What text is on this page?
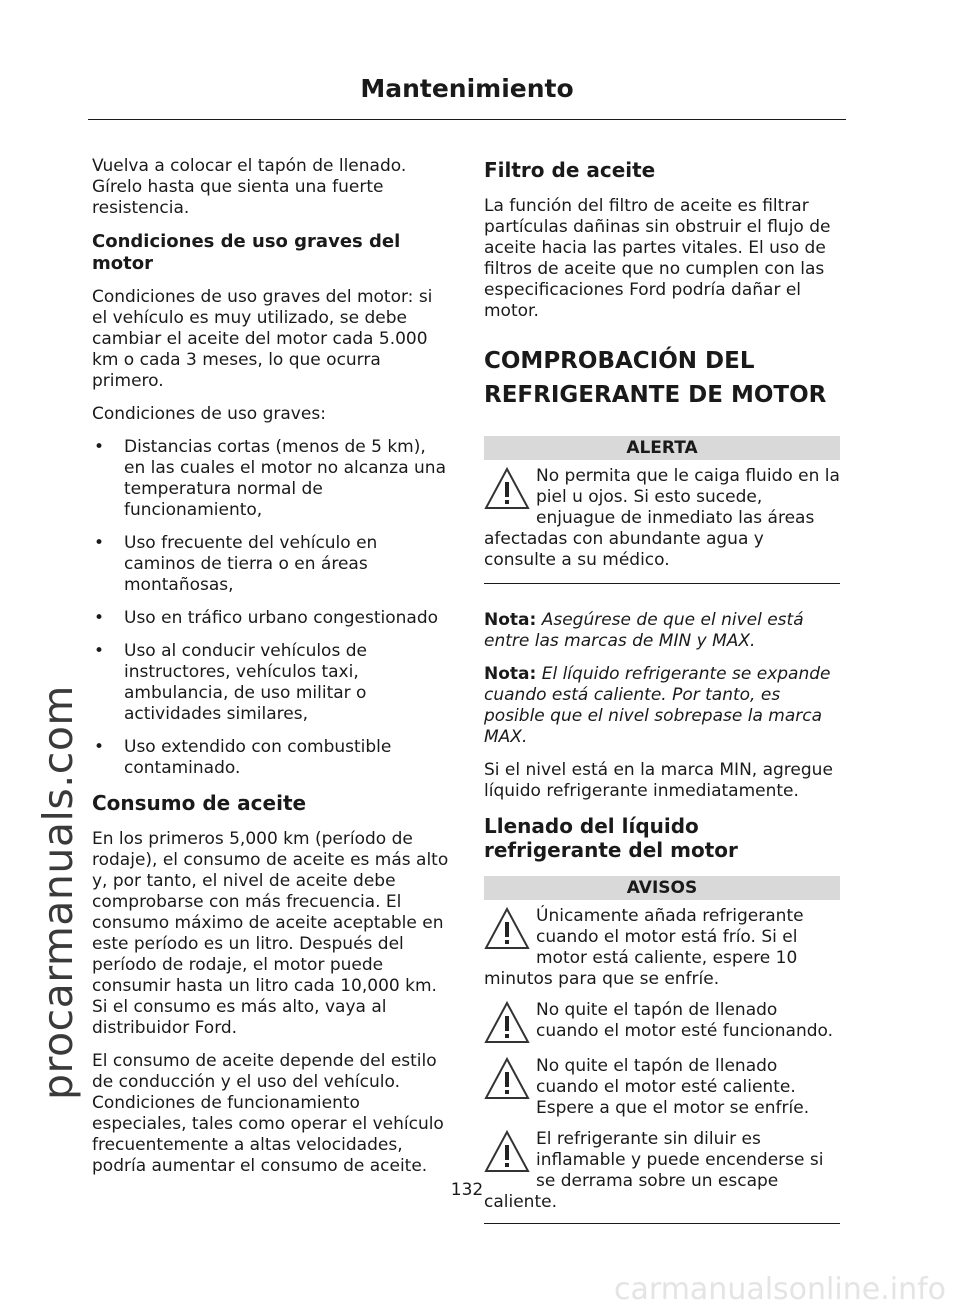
procarmanuals.com
carmanualsonline.info
Mantenimiento

Vuelva a colocar el tapón de llenado. Gírelo hasta que sienta una fuerte resistencia.

Condiciones de uso graves del motor

Condiciones de uso graves del motor: si el vehículo es muy utilizado, se debe cambiar el aceite del motor cada 5.000 km o cada 3 meses, lo que ocurra primero.

Condiciones de uso graves:

• Distancias cortas (menos de 5 km), en las cuales el motor no alcanza una temperatura normal de funcionamiento,
• Uso frecuente del vehículo en caminos de tierra o en áreas montañosas,
• Uso en tráfico urbano congestionado
• Uso al conducir vehículos de instructores, vehículos taxi, ambulancia, de uso militar o actividades similares,
• Uso extendido con combustible contaminado.
Consumo de aceite

En los primeros 5,000 km (período de rodaje), el consumo de aceite es más alto y, por tanto, el nivel de aceite debe comprobarse con más frecuencia. El consumo máximo de aceite aceptable en este período es un litro. Después del período de rodaje, el motor puede consumir hasta un litro cada 10,000 km. Si el consumo es más alto, vaya al distribuidor Ford.

El consumo de aceite depende del estilo de conducción y el uso del vehículo. Condiciones de funcionamiento especiales, tales como operar el vehículo frecuentemente a altas velocidades, podría aumentar el consumo de aceite.

Filtro de aceite

La función del filtro de aceite es filtrar partículas dañinas sin obstruir el flujo de aceite hacia las partes vitales. El uso de filtros de aceite que no cumplen con las especificaciones Ford podría dañar el motor.

COMPROBACIÓN DEL REFRIGERANTE DE MOTOR
ALERTA
No permita que le caiga fluido en la piel u ojos. Si esto sucede, enjuague de inmediato las áreas afectadas con abundante agua y consulte a su médico.

Nota: Asegúrese de que el nivel está entre las marcas de MIN y MAX.

Nota: El líquido refrigerante se expande cuando está caliente. Por tanto, es posible que el nivel sobrepase la marca MAX.

Si el nivel está en la marca MIN, agregue líquido refrigerante inmediatamente.

Llenado del líquido refrigerante del motor
AVISOS
Únicamente añada refrigerante cuando el motor está frío. Si el motor está caliente, espere 10 minutos para que se enfríe.
No quite el tapón de llenado cuando el motor esté funcionando.
No quite el tapón de llenado cuando el motor esté caliente. Espere a que el motor se enfríe.
El refrigerante sin diluir es inflamable y puede encenderse si se derrama sobre un escape caliente.
132
